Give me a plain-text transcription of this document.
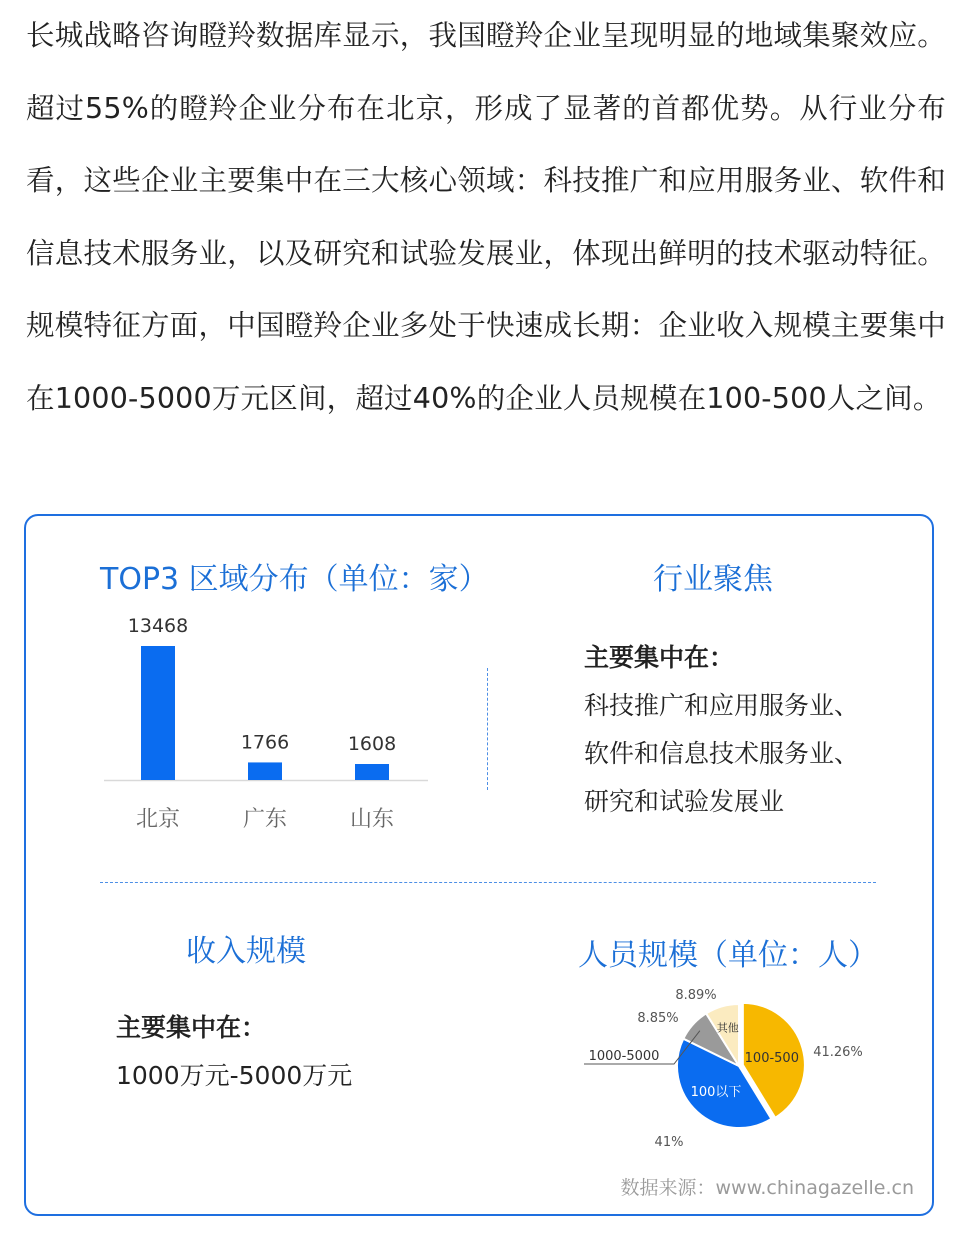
长城战略咨询瞪羚数据库显示，我国瞪羚企业呈现明显的地域集聚效应。超过55%的瞪羚企业分布在北京，形成了显著的首都优势。从行业分布看，这些企业主要集中在三大核心领域：科技推广和应用服务业、软件和信息技术服务业，以及研究和试验发展业，体现出鲜明的技术驱动特征。规模特征方面，中国瞪羚企业多处于快速成长期：企业收入规模主要集中在1000-5000万元区间，超过40%的企业人员规模在100-500人之间。
TOP3 区域分布（单位：家）
13468
北京
1766
广东
1608
山东
行业聚焦
主要集中在：
科技推广和应用服务业、
软件和信息技术服务业、
研究和试验发展业
收入规模
主要集中在：
1000万元-5000万元
人员规模（单位：人）
100-500
100以下
其他
41.26%
41%
8.85%
8.89%
1000-5000
数据来源：www.chinagazelle.cn
